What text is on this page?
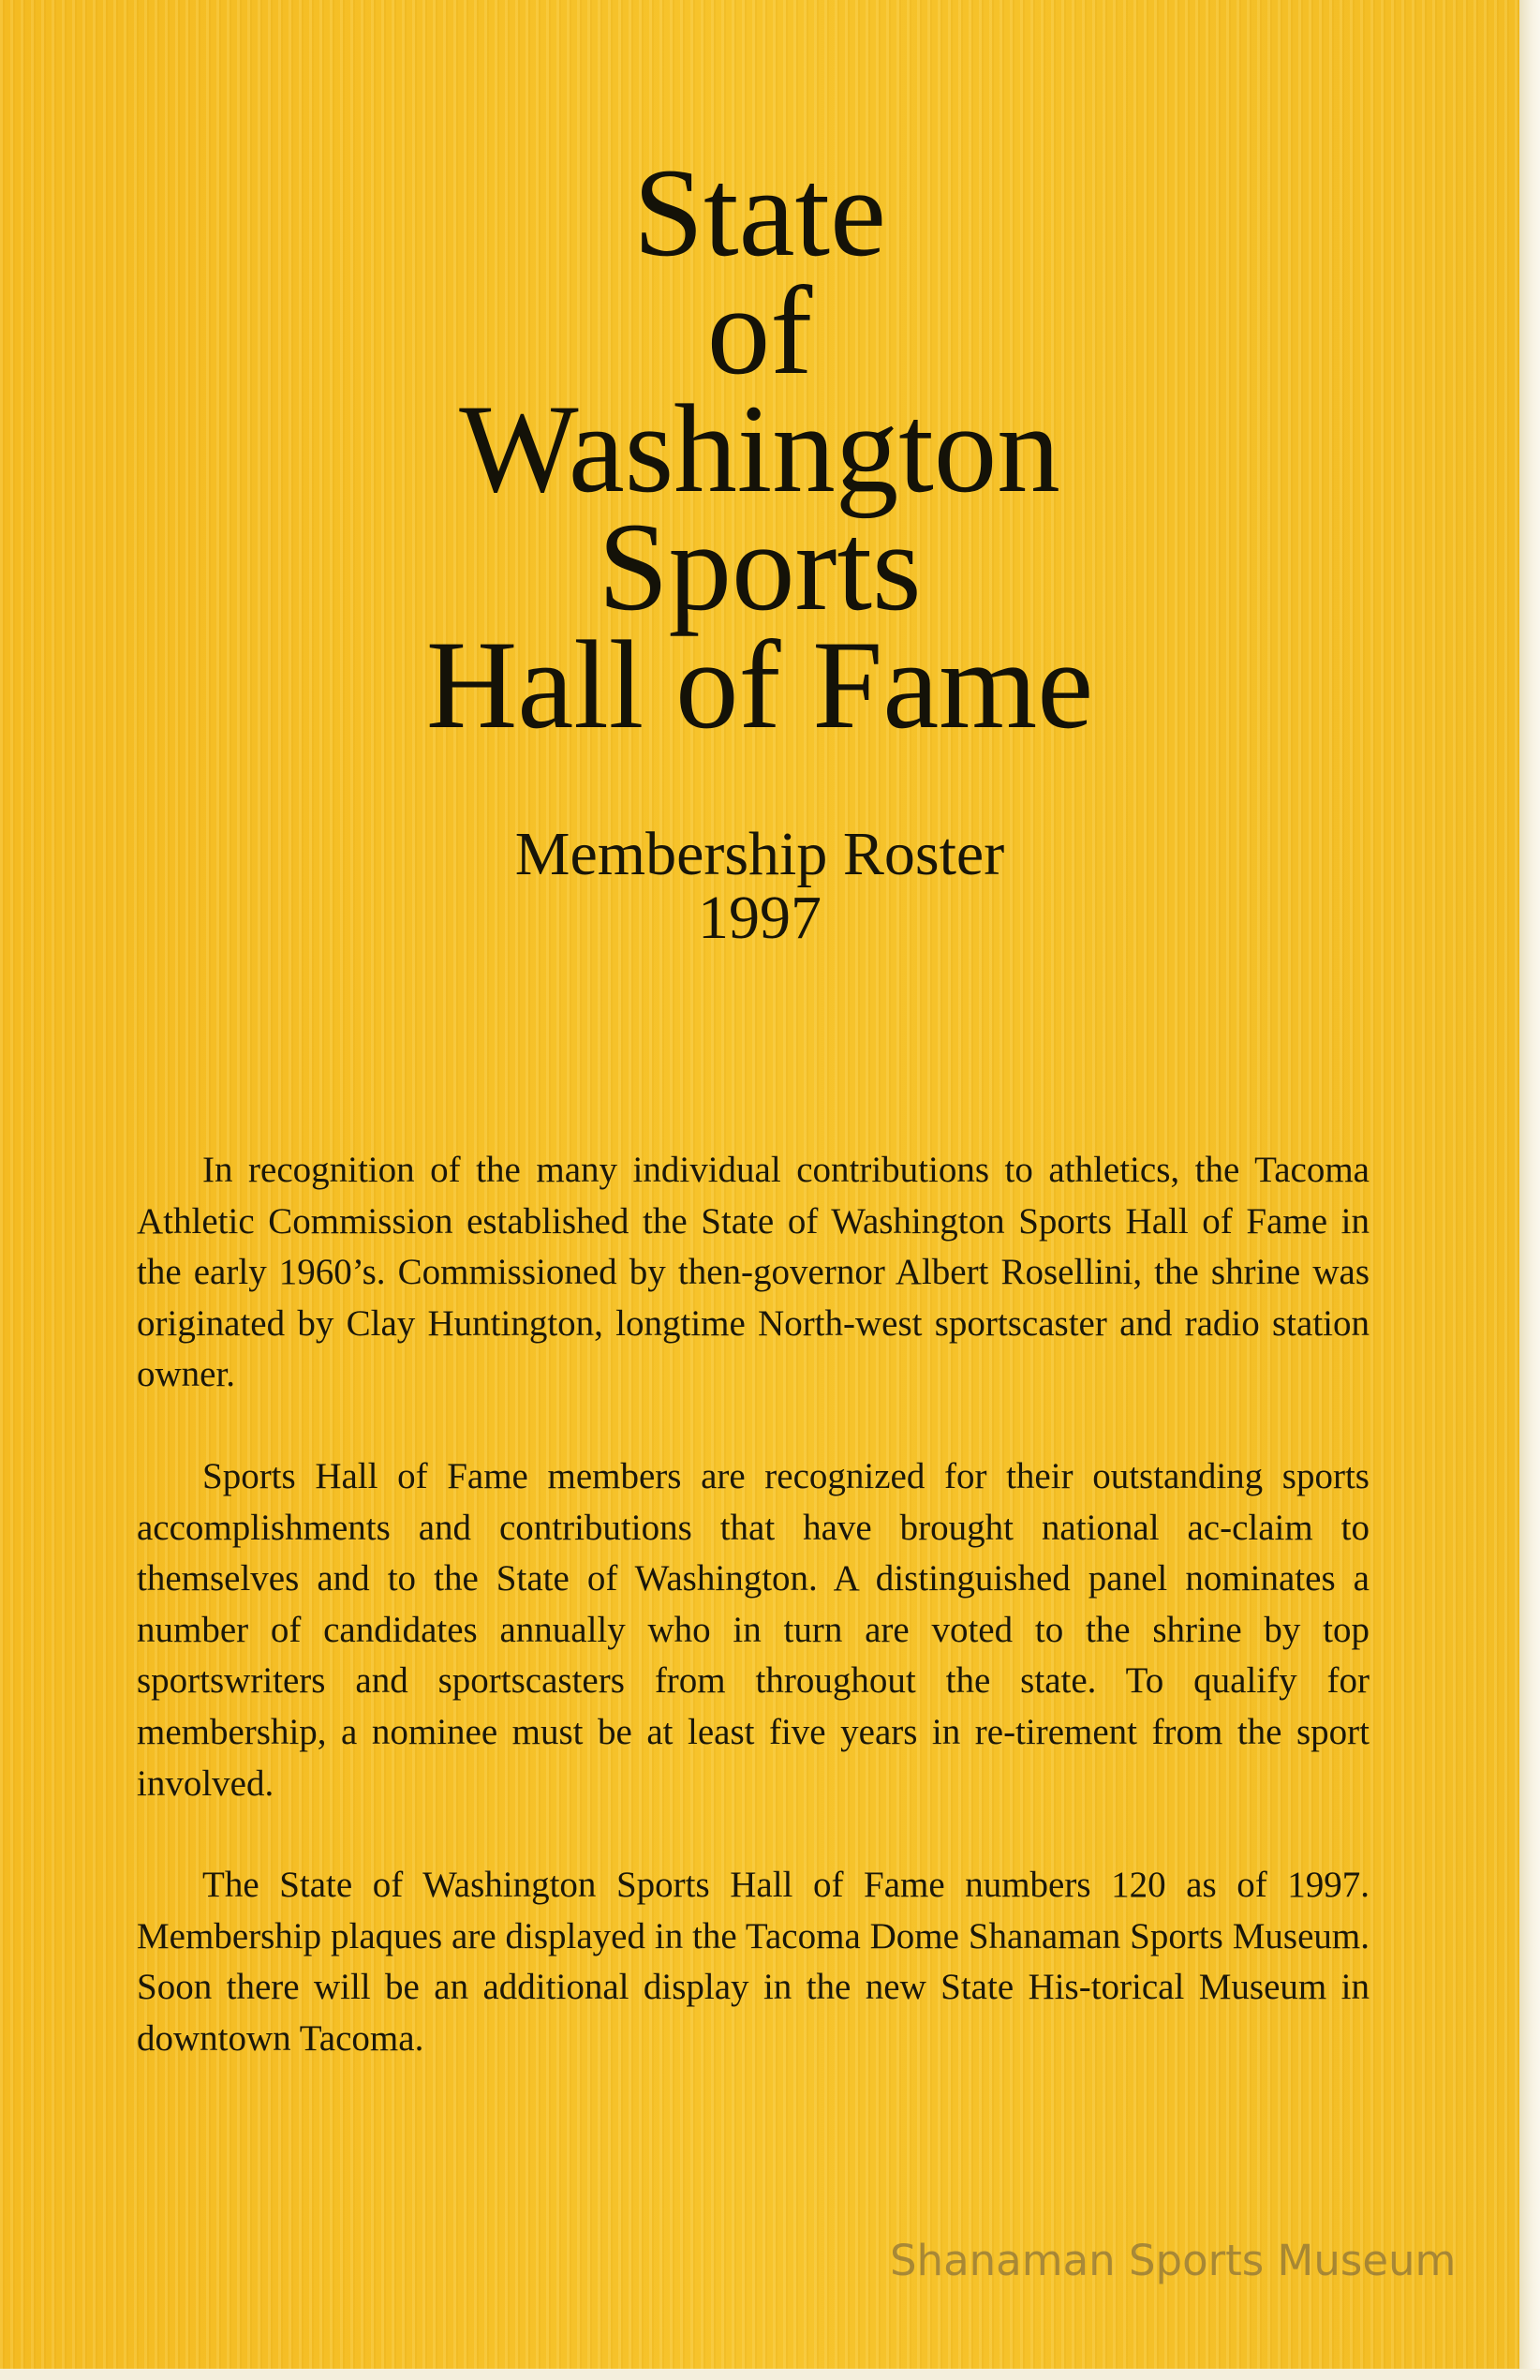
State
of
Washington
Sports
Hall of Fame
Membership Roster
1997

In recognition of the many individual contributions to athletics, the Tacoma Athletic Commission established the State of Washington Sports Hall of Fame in the early 1960’s. Commissioned by then-governor Albert Rosellini, the shrine was originated by Clay Huntington, longtime North-west sportscaster and radio station owner.

Sports Hall of Fame members are recognized for their outstanding sports accomplishments and contributions that have brought national ac-claim to themselves and to the State of Washington. A distinguished panel nominates a number of candidates annually who in turn are voted to the shrine by top sportswriters and sportscasters from throughout the state. To qualify for membership, a nominee must be at least five years in re-tirement from the sport involved.

The State of Washington Sports Hall of Fame numbers 120 as of 1997. Membership plaques are displayed in the Tacoma Dome Shanaman Sports Museum. Soon there will be an additional display in the new State His-torical Museum in downtown Tacoma.

Shanaman Sports Museum
